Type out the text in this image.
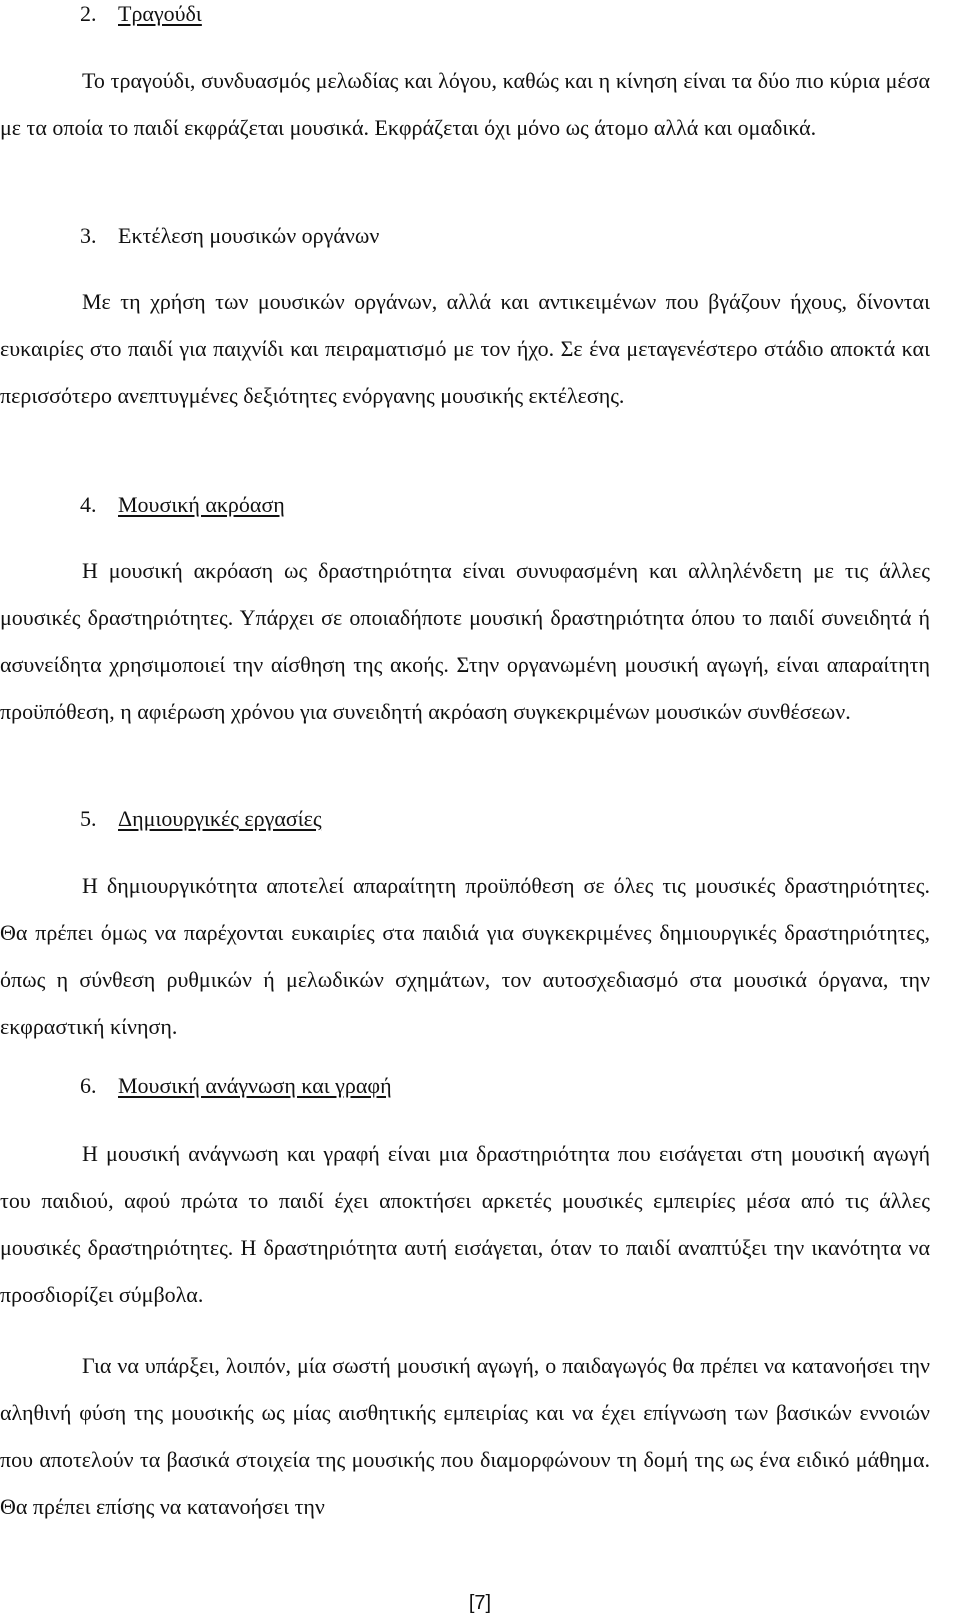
2. Τραγούδι

Το τραγούδι, συνδυασμός μελωδίας και λόγου, καθώς και η κίνηση είναι τα δύο πιο κύρια μέσα με τα οποία το παιδί εκφράζεται μουσικά. Εκφράζεται όχι μόνο ως άτομο αλλά και ομαδικά.

3. Εκτέλεση μουσικών οργάνων

Με τη χρήση των μουσικών οργάνων, αλλά και αντικειμένων που βγάζουν ήχους, δίνονται ευκαιρίες στο παιδί για παιχνίδι και πειραματισμό με τον ήχο. Σε ένα μεταγενέστερο στάδιο αποκτά και περισσότερο ανεπτυγμένες δεξιότητες ενόργανης μουσικής εκτέλεσης.

4. Μουσική ακρόαση

Η μουσική ακρόαση ως δραστηριότητα είναι συνυφασμένη και αλληλένδετη με τις άλλες μουσικές δραστηριότητες. Υπάρχει σε οποιαδήποτε μουσική δραστηριότητα όπου το παιδί συνειδητά ή ασυνείδητα χρησιμοποιεί την αίσθηση της ακοής. Στην οργανωμένη μουσική αγωγή, είναι απαραίτητη προϋπόθεση, η αφιέρωση χρόνου για συνειδητή ακρόαση συγκεκριμένων μουσικών συνθέσεων.

5. Δημιουργικές εργασίες

Η δημιουργικότητα αποτελεί απαραίτητη προϋπόθεση σε όλες τις μουσικές δραστηριότητες. Θα πρέπει όμως να παρέχονται ευκαιρίες στα παιδιά για συγκεκριμένες δημιουργικές δραστηριότητες, όπως η σύνθεση ρυθμικών ή μελωδικών σχημάτων, τον αυτοσχεδιασμό στα μουσικά όργανα, την εκφραστική κίνηση.

6. Μουσική ανάγνωση και γραφή

Η μουσική ανάγνωση και γραφή είναι μια δραστηριότητα που εισάγεται στη μουσική αγωγή του παιδιού, αφού πρώτα το παιδί έχει αποκτήσει αρκετές μουσικές εμπειρίες μέσα από τις άλλες μουσικές δραστηριότητες. Η δραστηριότητα αυτή εισάγεται, όταν το παιδί αναπτύξει την ικανότητα να προσδιορίζει σύμβολα.

Για να υπάρξει, λοιπόν, μία σωστή μουσική αγωγή, ο παιδαγωγός θα πρέπει να κατανοήσει την αληθινή φύση της μουσικής ως μίας αισθητικής εμπειρίας και να έχει επίγνωση των βασικών εννοιών που αποτελούν τα βασικά στοιχεία της μουσικής που διαμορφώνουν τη δομή της ως ένα ειδικό μάθημα. Θα πρέπει επίσης να κατανοήσει την

[7]
